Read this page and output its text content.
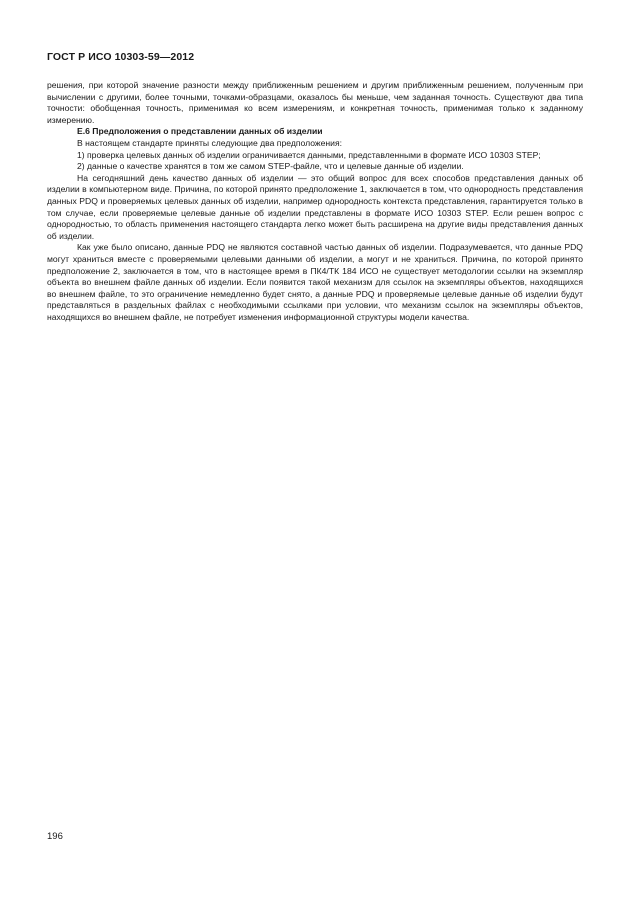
ГОСТ Р ИСО 10303-59—2012

решения, при которой значение разности между приближенным решением и другим приближенным решением, полученным при вычислении с другими, более точными, точками-образцами, оказалось бы меньше, чем заданная точность. Существуют два типа точности: обобщенная точность, применимая ко всем измерениям, и конкретная точность, применимая только к заданному измерению.

Е.6 Предположения о представлении данных об изделии

В настоящем стандарте приняты следующие два предположения:

1) проверка целевых данных об изделии ограничивается данными, представленными в формате ИСО 10303 STEP;

2) данные о качестве хранятся в том же самом STEP-файле, что и целевые данные об изделии.

На сегодняшний день качество данных об изделии — это общий вопрос для всех способов представления данных об изделии в компьютерном виде. Причина, по которой принято предположение 1, заключается в том, что однородность представления данных PDQ и проверяемых целевых данных об изделии, например однородность контекста представления, гарантируется только в том случае, если проверяемые целевые данные об изделии представлены в формате ИСО 10303 STEP. Если решен вопрос с однородностью, то область применения настоящего стандарта легко может быть расширена на другие виды представления данных об изделии.

Как уже было описано, данные PDQ не являются составной частью данных об изделии. Подразумевается, что данные PDQ могут храниться вместе с проверяемыми целевыми данными об изделии, а могут и не храниться. Причина, по которой принято предположение 2, заключается в том, что в настоящее время в ПК4/ТК 184 ИСО не существует методологии ссылки на экземпляр объекта во внешнем файле данных об изделии. Если появится такой механизм для ссылок на экземпляры объектов, находящихся во внешнем файле, то это ограничение немедленно будет снято, а данные PDQ и проверяемые целевые данные об изделии будут представляться в раздельных файлах с необходимыми ссылками при условии, что механизм ссылок на экземпляры объектов, находящихся во внешнем файле, не потребует изменения информационной структуры модели качества.

196
